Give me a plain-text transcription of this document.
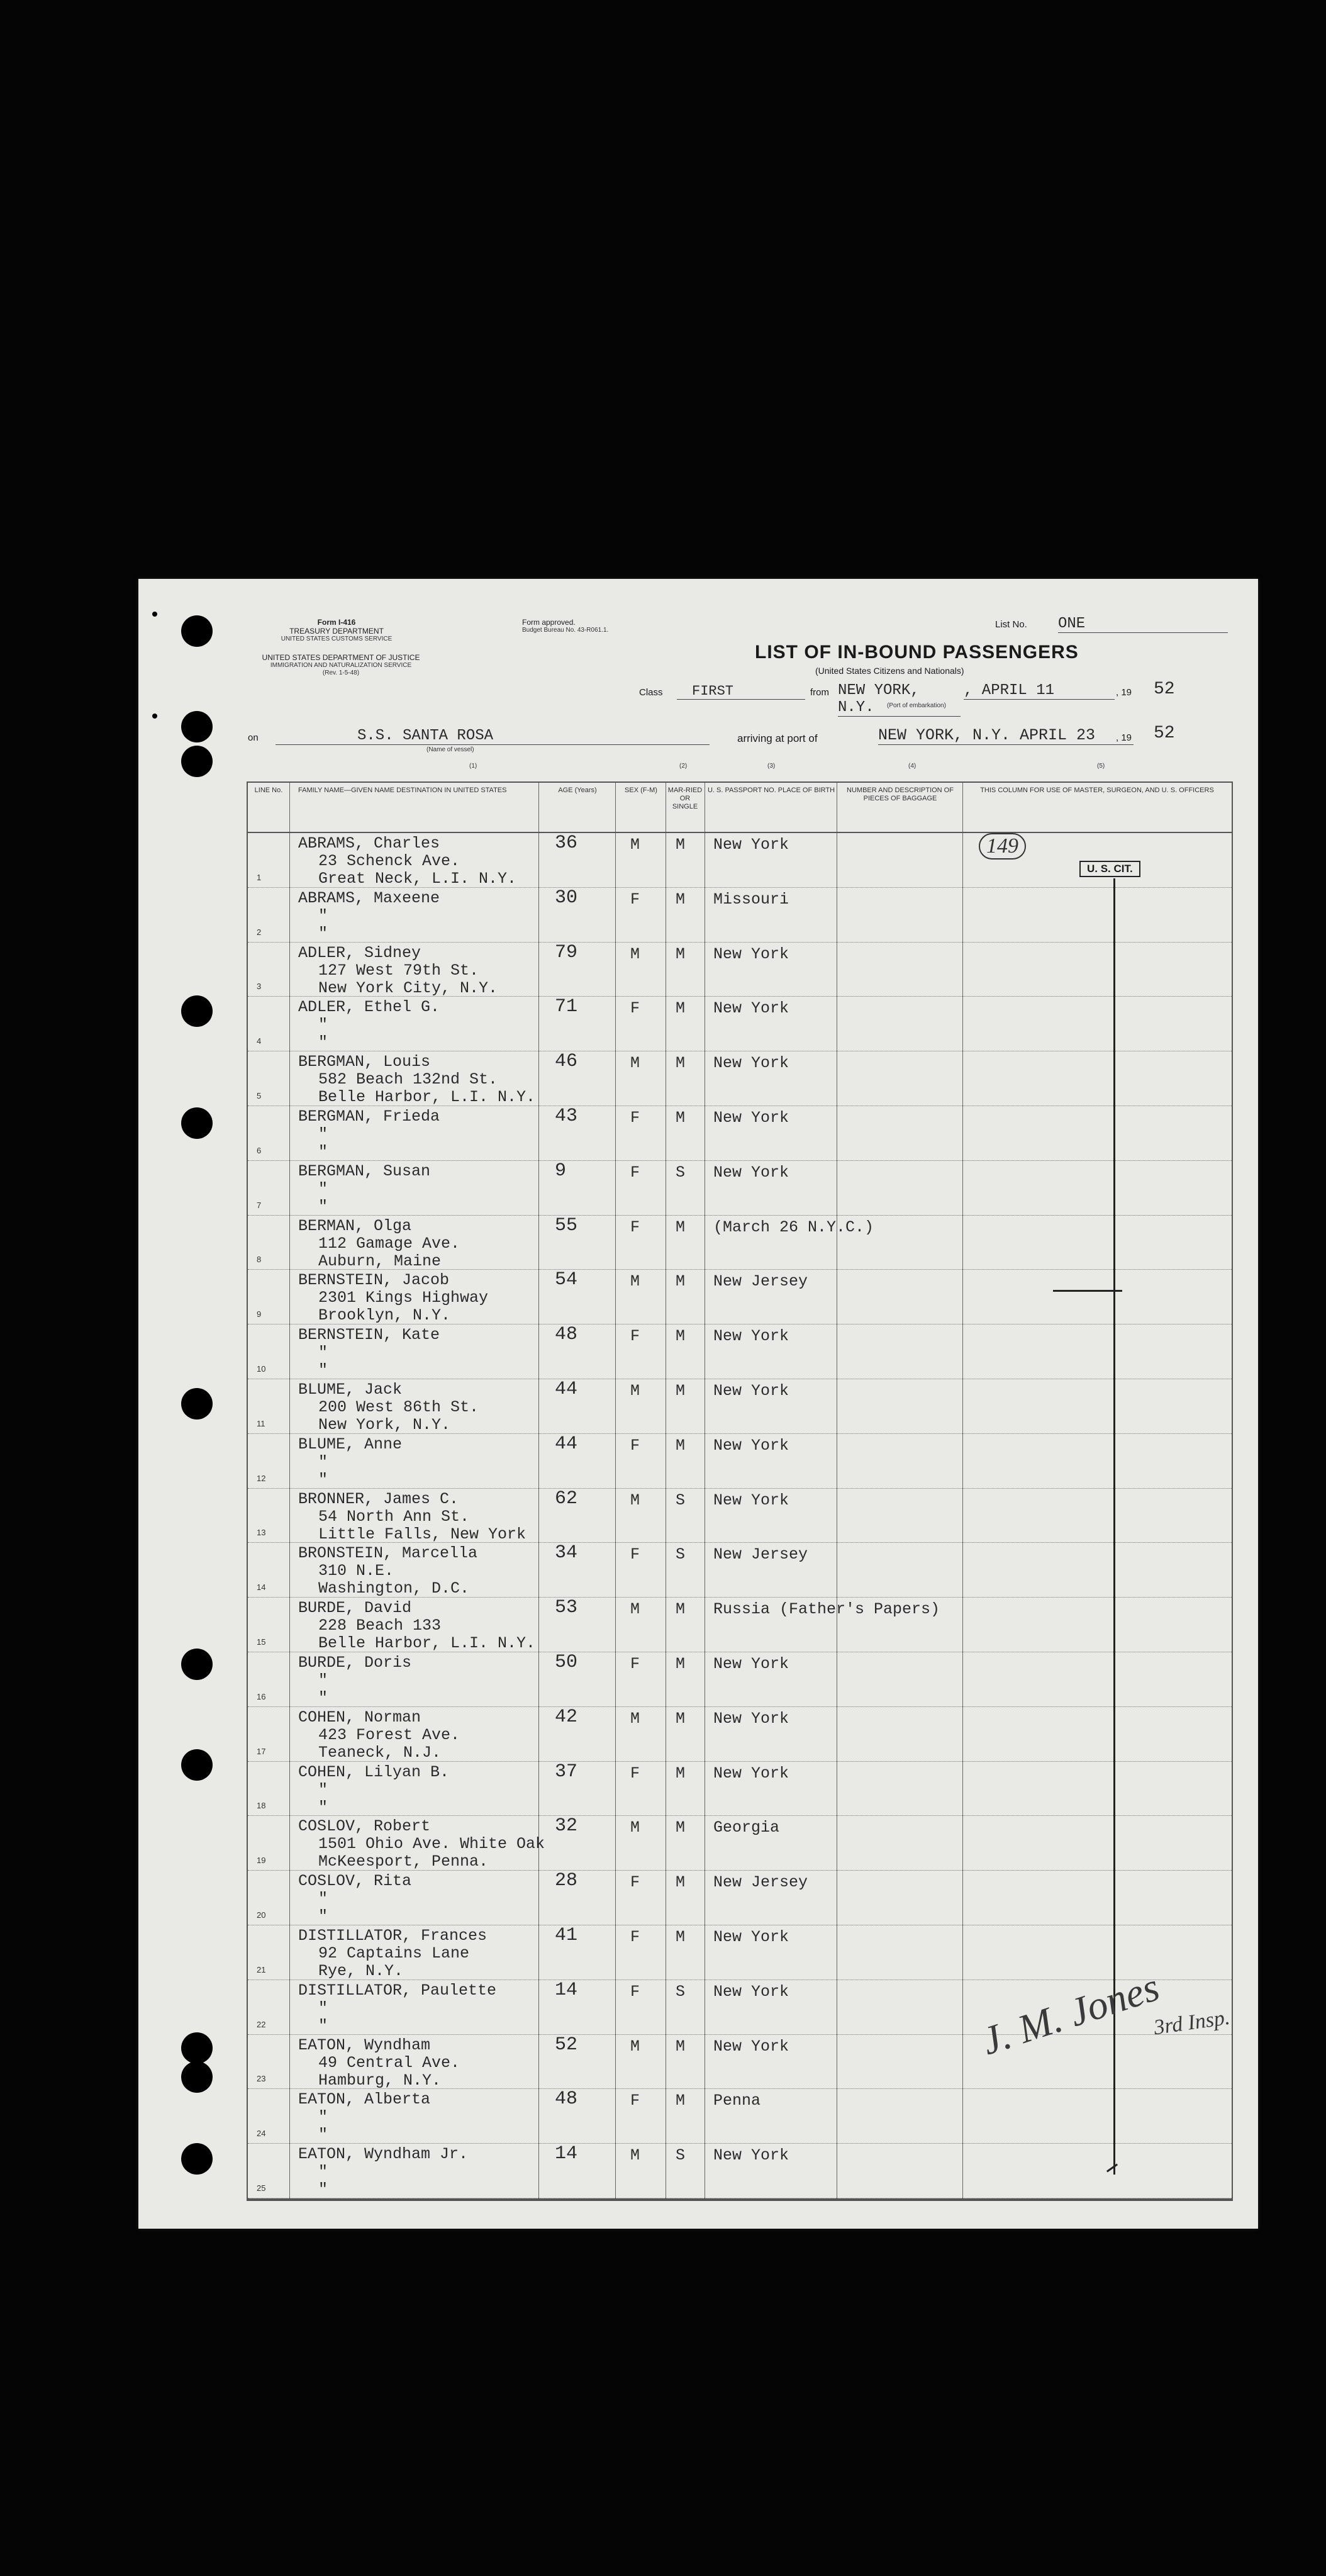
Form I-416
TREASURY DEPARTMENT
UNITED STATES CUSTOMS SERVICE
UNITED STATES DEPARTMENT OF JUSTICE
IMMIGRATION AND NATURALIZATION SERVICE
(Rev. 1-5-48)
Form approved.
Budget Bureau No. 43-R061.1.
List No. ONE
LIST OF IN-BOUND PASSENGERS
(United States Citizens and Nationals)
Class	FIRST	from NEW YORK, N.Y.
, APRIL 11	, 19 52
(Port of embarkation)
on	S.S. SANTA ROSA
(Name of vessel)
arriving at port of	NEW YORK, N.Y. APRIL 23	, 19 52
(1)	(2)	(3)	(4)	(5)
LINE No.	FAMILY NAME—GIVEN NAME DESTINATION IN UNITED STATES	AGE (Years)	SEX (F-M)	MAR-RIED OR SINGLE
U. S. PASSPORT NO. PLACE OF BIRTH	NUMBER AND DESCRIPTION OF PIECES OF BAGGAGE
THIS COLUMN FOR USE OF MASTER, SURGEON, AND U. S. OFFICERS
1
ABRAMS, Charles
23 Schenck Ave.
Great Neck, L.I. N.Y.
36	M M New York
2
ABRAMS, Maxeene
"
"
30	F M Missouri
3
ADLER, Sidney
127 West 79th St.
New York City, N.Y.
79	M M New York
4
ADLER, Ethel G.
"
"
71	F M New York
5
BERGMAN, Louis
582 Beach 132nd St.
Belle Harbor, L.I. N.Y.
46	M M New York
6
BERGMAN, Frieda
"
"
43	F M New York
7
BERGMAN, Susan
"
"
9	F S New York
8
BERMAN, Olga
112 Gamage Ave.
Auburn, Maine
55	F M (March 26 N.Y.C.)
9
BERNSTEIN, Jacob
2301 Kings Highway
Brooklyn, N.Y.
54	M M New Jersey
10
BERNSTEIN, Kate
"
"
48	F M New York
11
BLUME, Jack
200 West 86th St.
New York, N.Y.
44	M M New York
12
BLUME, Anne
"
"
44	F M New York
13
BRONNER, James C.
54 North Ann St.
Little Falls, New York
62	M S New York
14
BRONSTEIN, Marcella
310 N.E.
Washington, D.C.
34	F S New Jersey
15
BURDE, David
228 Beach 133
Belle Harbor, L.I. N.Y.
53	M M Russia (Father's Papers)
16
BURDE, Doris
"
"
50	F M New York
17
COHEN, Norman
423 Forest Ave.
Teaneck, N.J.
42	M M New York
18
COHEN, Lilyan B.
"
"
37	F M New York
19
COSLOV, Robert
1501 Ohio Ave. White Oak
McKeesport, Penna.
32	M M Georgia
20
COSLOV, Rita
"
"
28	F M New Jersey
21
DISTILLATOR, Frances
92 Captains Lane
Rye, N.Y.
41	F M New York
22
DISTILLATOR, Paulette
"
"
14	F S New York
23
EATON, Wyndham
49 Central Ave.
Hamburg, N.Y.
52	M M New York
24
EATON, Alberta
"
"
48	F M Penna
25
EATON, Wyndham Jr.
"
"
14	M S New York
149
U. S. CIT.
J. M. Jones
3rd Insp.
